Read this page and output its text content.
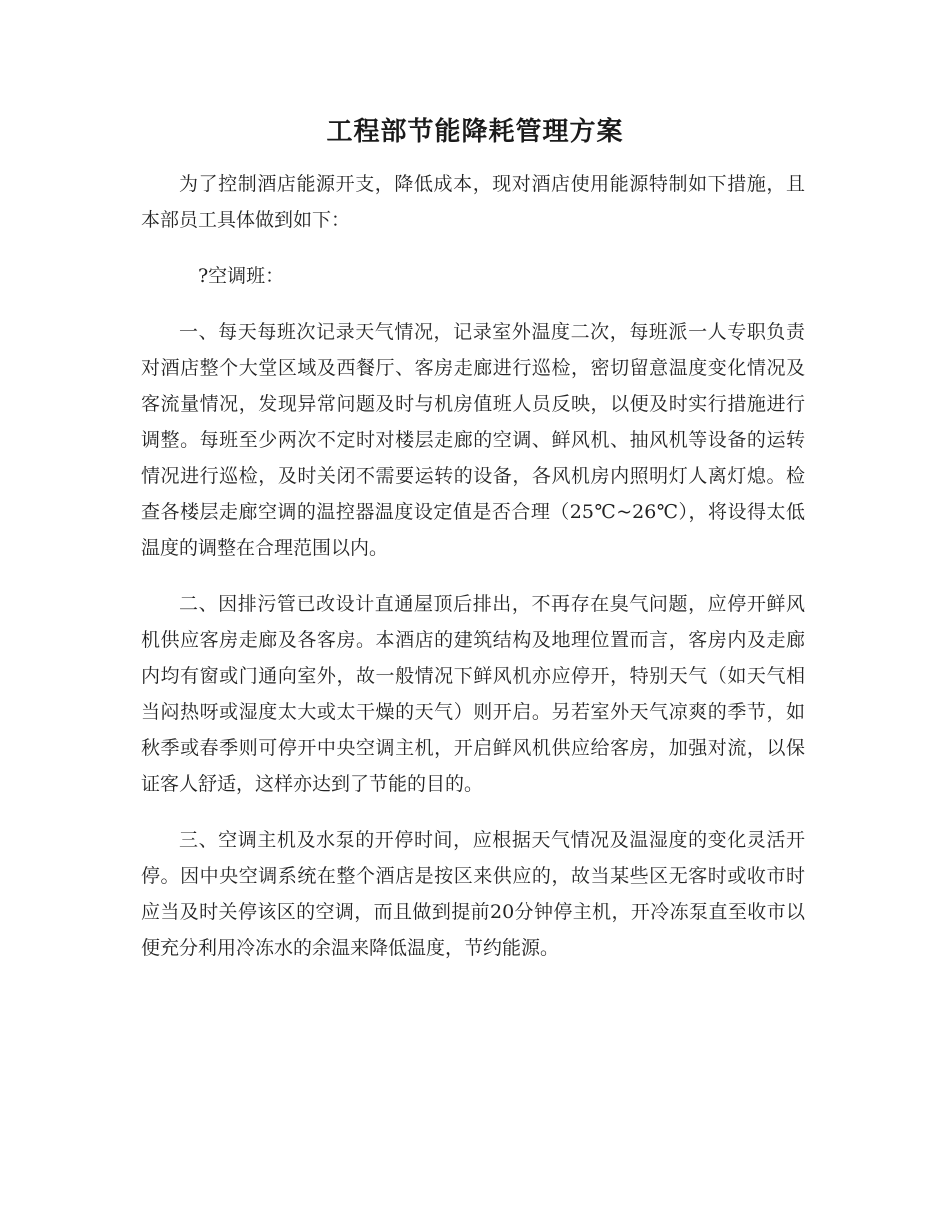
工程部节能降耗管理方案

为了控制酒店能源开支，降低成本，现对酒店使用能源特制如下措施，且本部员工具体做到如下：

?空调班：

一、每天每班次记录天气情况，记录室外温度二次，每班派一人专职负责对酒店整个大堂区域及西餐厅、客房走廊进行巡检，密切留意温度变化情况及客流量情况，发现异常问题及时与机房值班人员反映，以便及时实行措施进行调整。每班至少两次不定时对楼层走廊的空调、鲜风机、抽风机等设备的运转情况进行巡检，及时关闭不需要运转的设备，各风机房内照明灯人离灯熄。检查各楼层走廊空调的温控器温度设定值是否合理（25℃~26℃），将设得太低温度的调整在合理范围以内。

二、因排污管已改设计直通屋顶后排出，不再存在臭气问题，应停开鲜风机供应客房走廊及各客房。本酒店的建筑结构及地理位置而言，客房内及走廊内均有窗或门通向室外，故一般情况下鲜风机亦应停开，特别天气（如天气相当闷热呀或湿度太大或太干燥的天气）则开启。另若室外天气凉爽的季节，如秋季或春季则可停开中央空调主机，开启鲜风机供应给客房，加强对流，以保证客人舒适，这样亦达到了节能的目的。

三、空调主机及水泵的开停时间，应根据天气情况及温湿度的变化灵活开停。因中央空调系统在整个酒店是按区来供应的，故当某些区无客时或收市时应当及时关停该区的空调，而且做到提前20分钟停主机，开冷冻泵直至收市以便充分利用冷冻水的余温来降低温度，节约能源。
